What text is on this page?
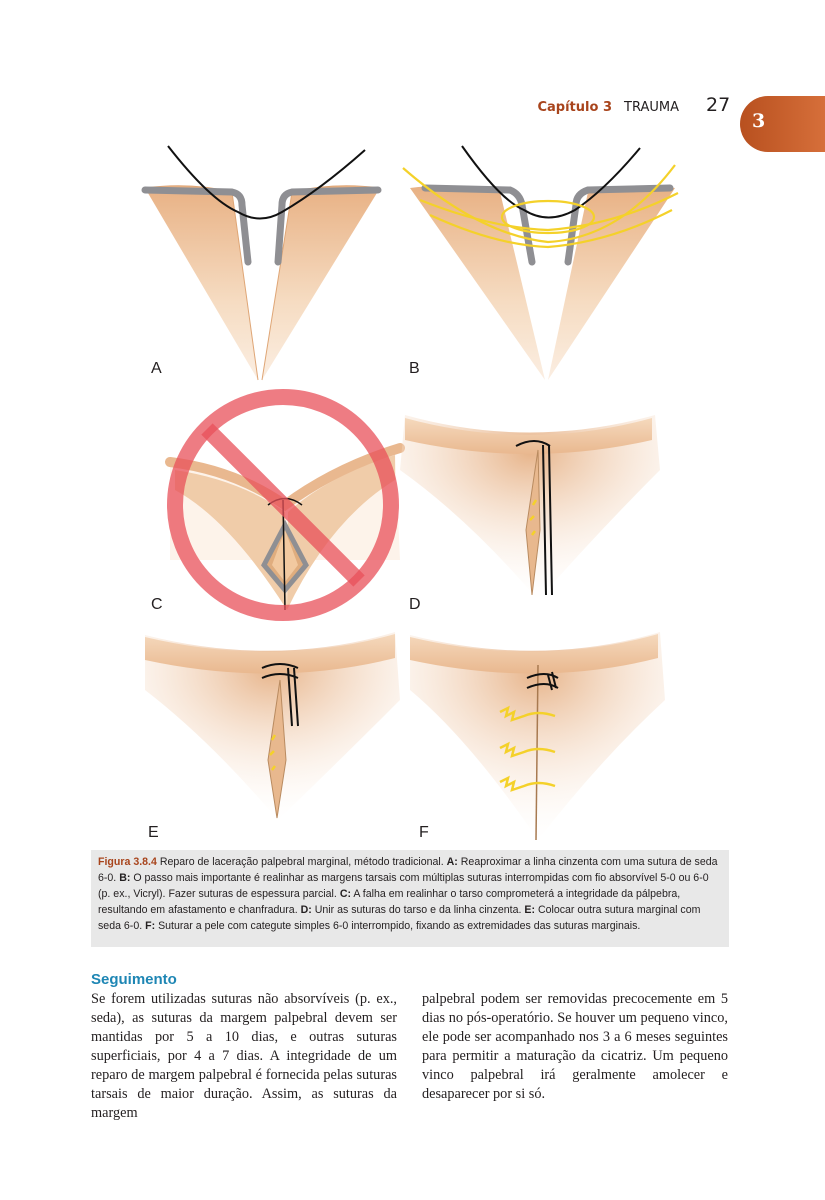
TRAUMA
Capítulo 3	27
3
A	B
C	D
E	F
Figura 3.8.4 Reparo de laceração palpebral marginal, método tradicional. A: Reaproximar a linha cinzenta com uma sutura de seda 6-0. B: O passo mais importante é realinhar as margens tarsais com múltiplas suturas interrompidas com fio absorvível 5-0 ou 6-0 (p. ex., Vicryl). Fazer suturas de espessura parcial. C: A falha em realinhar o tarso comprometerá a integridade da pálpebra, resultando em afastamento e chanfradura. D: Unir as suturas do tarso e da linha cinzenta. E: Colocar outra sutura marginal com seda 6-0. F: Suturar a pele com categute simples 6-0 interrompido, fixando as extremidades das suturas marginais.
Seguimento
Se forem utilizadas suturas não absorvíveis (p. ex., seda), as suturas da margem palpebral devem ser mantidas por 5 a 10 dias, e outras suturas superficiais, por 4 a 7 dias. A integridade de um reparo de margem palpebral é fornecida pelas suturas tarsais de maior duração. Assim, as suturas da margem
palpebral podem ser removidas precocemente em 5 dias no pós-operatório. Se houver um pequeno vinco, ele pode ser acompanhado nos 3 a 6 meses seguintes para permitir a maturação da cicatriz. Um pequeno vinco palpebral irá geralmente amolecer e desaparecer por si só.
